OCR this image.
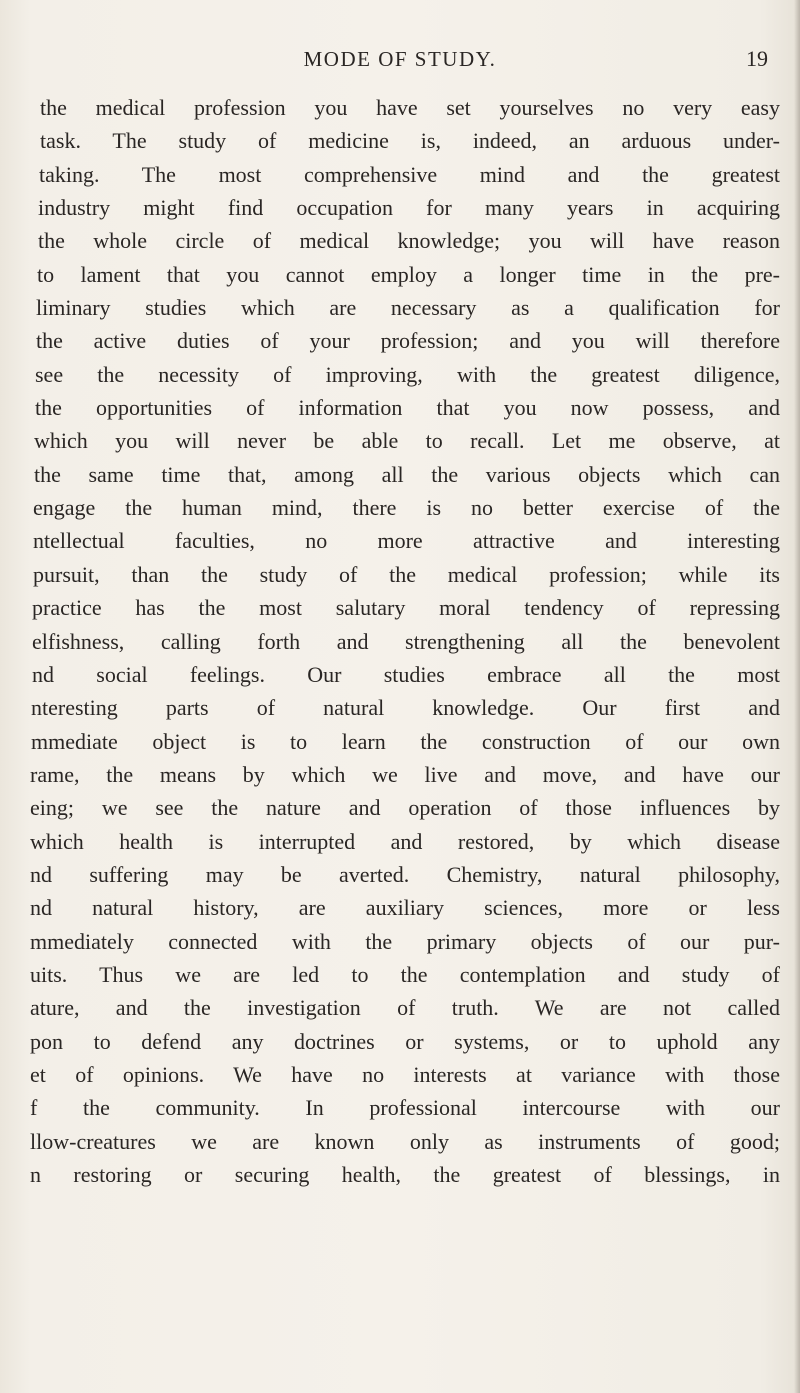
MODE OF STUDY.	19
the medical profession you have set yourselves no very easy
task. The study of medicine is, indeed, an arduous under-
taking. The most comprehensive mind and the greatest
industry might find occupation for many years in acquiring
the whole circle of medical knowledge; you will have reason
to lament that you cannot employ a longer time in the pre-
liminary studies which are necessary as a qualification for
the active duties of your profession; and you will therefore
see the necessity of improving, with the greatest diligence,
the opportunities of information that you now possess, and
which you will never be able to recall. Let me observe, at
the same time that, among all the various objects which can
engage the human mind, there is no better exercise of the
ntellectual faculties, no more attractive and interesting
pursuit, than the study of the medical profession; while its
practice has the most salutary moral tendency of repressing
elfishness, calling forth and strengthening all the benevolent
nd social feelings. Our studies embrace all the most
nteresting parts of natural knowledge. Our first and
mmediate object is to learn the construction of our own
rame, the means by which we live and move, and have our
eing; we see the nature and operation of those influences by
which health is interrupted and restored, by which disease
nd suffering may be averted. Chemistry, natural philosophy,
nd natural history, are auxiliary sciences, more or less
mmediately connected with the primary objects of our pur-
uits. Thus we are led to the contemplation and study of
ature, and the investigation of truth. We are not called
pon to defend any doctrines or systems, or to uphold any
et of opinions. We have no interests at variance with those
f the community. In professional intercourse with our
llow-creatures we are known only as instruments of good;
n restoring or securing health, the greatest of blessings, in
